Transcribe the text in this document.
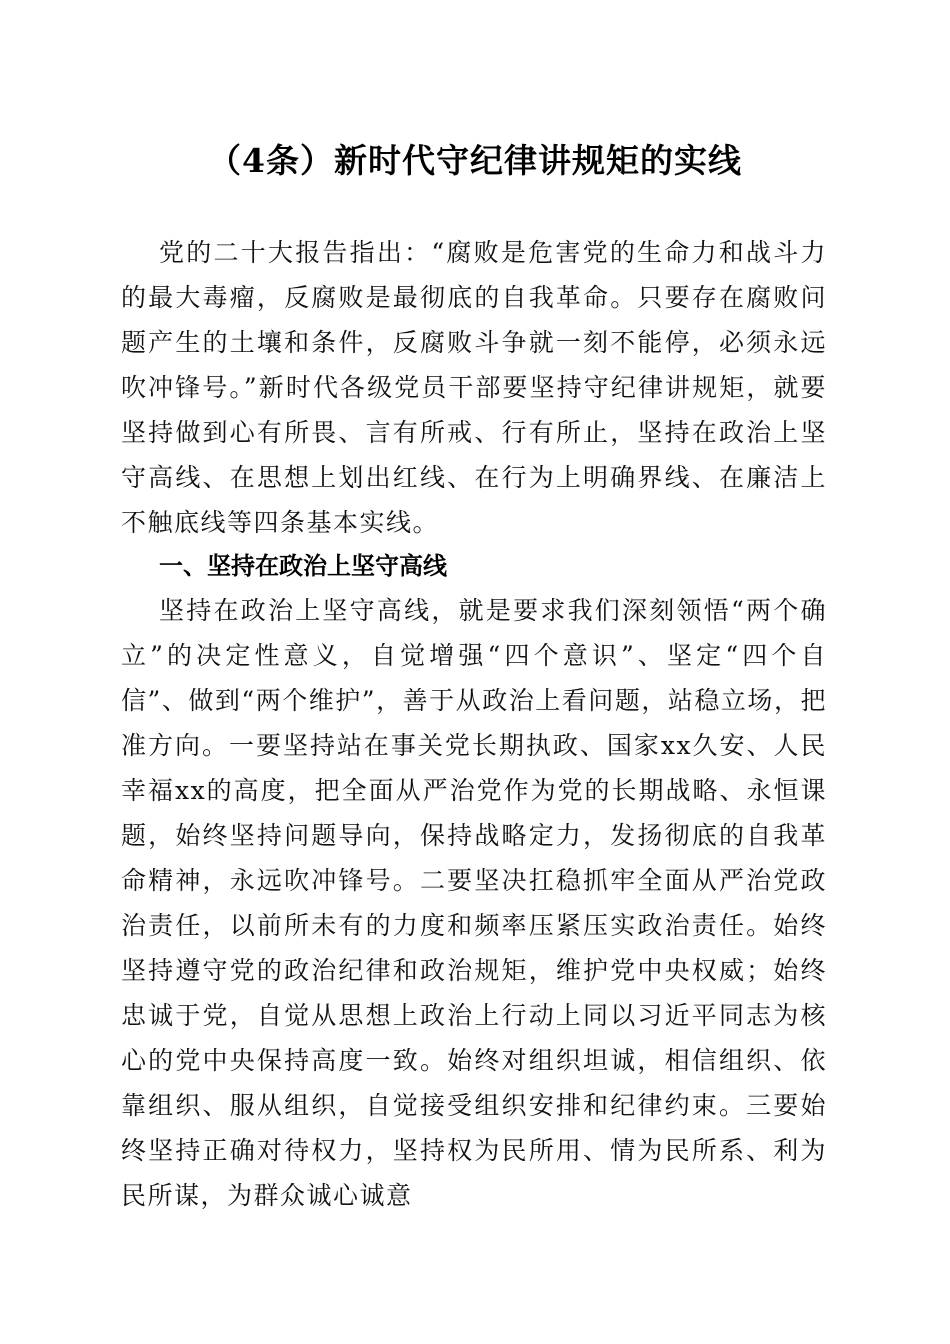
（4条）新时代守纪律讲规矩的实线
党的二十大报告指出：“腐败是危害党的生命力和战斗力的最大毒瘤，反腐败是最彻底的自我革命。只要存在腐败问题产生的土壤和条件，反腐败斗争就一刻不能停，必须永远吹冲锋号。”新时代各级党员干部要坚持守纪律讲规矩，就要坚持做到心有所畏、言有所戒、行有所止，坚持在政治上坚守高线、在思想上划出红线、在行为上明确界线、在廉洁上不触底线等四条基本实线。
一、坚持在政治上坚守高线
坚持在政治上坚守高线，就是要求我们深刻领悟“两个确立”的决定性意义，自觉增强“四个意识”、坚定“四个自信”、做到“两个维护”，善于从政治上看问题，站稳立场，把准方向。一要坚持站在事关党长期执政、国家xx久安、人民幸福xx的高度，把全面从严治党作为党的长期战略、永恒课题，始终坚持问题导向，保持战略定力，发扬彻底的自我革命精神，永远吹冲锋号。二要坚决扛稳抓牢全面从严治党政治责任，以前所未有的力度和频率压紧压实政治责任。始终坚持遵守党的政治纪律和政治规矩，维护党中央权威；始终忠诚于党，自觉从思想上政治上行动上同以习近平同志为核心的党中央保持高度一致。始终对组织坦诚，相信组织、依靠组织、服从组织，自觉接受组织安排和纪律约束。三要始终坚持正确对待权力，坚持权为民所用、情为民所系、利为民所谋，为群众诚心诚意
